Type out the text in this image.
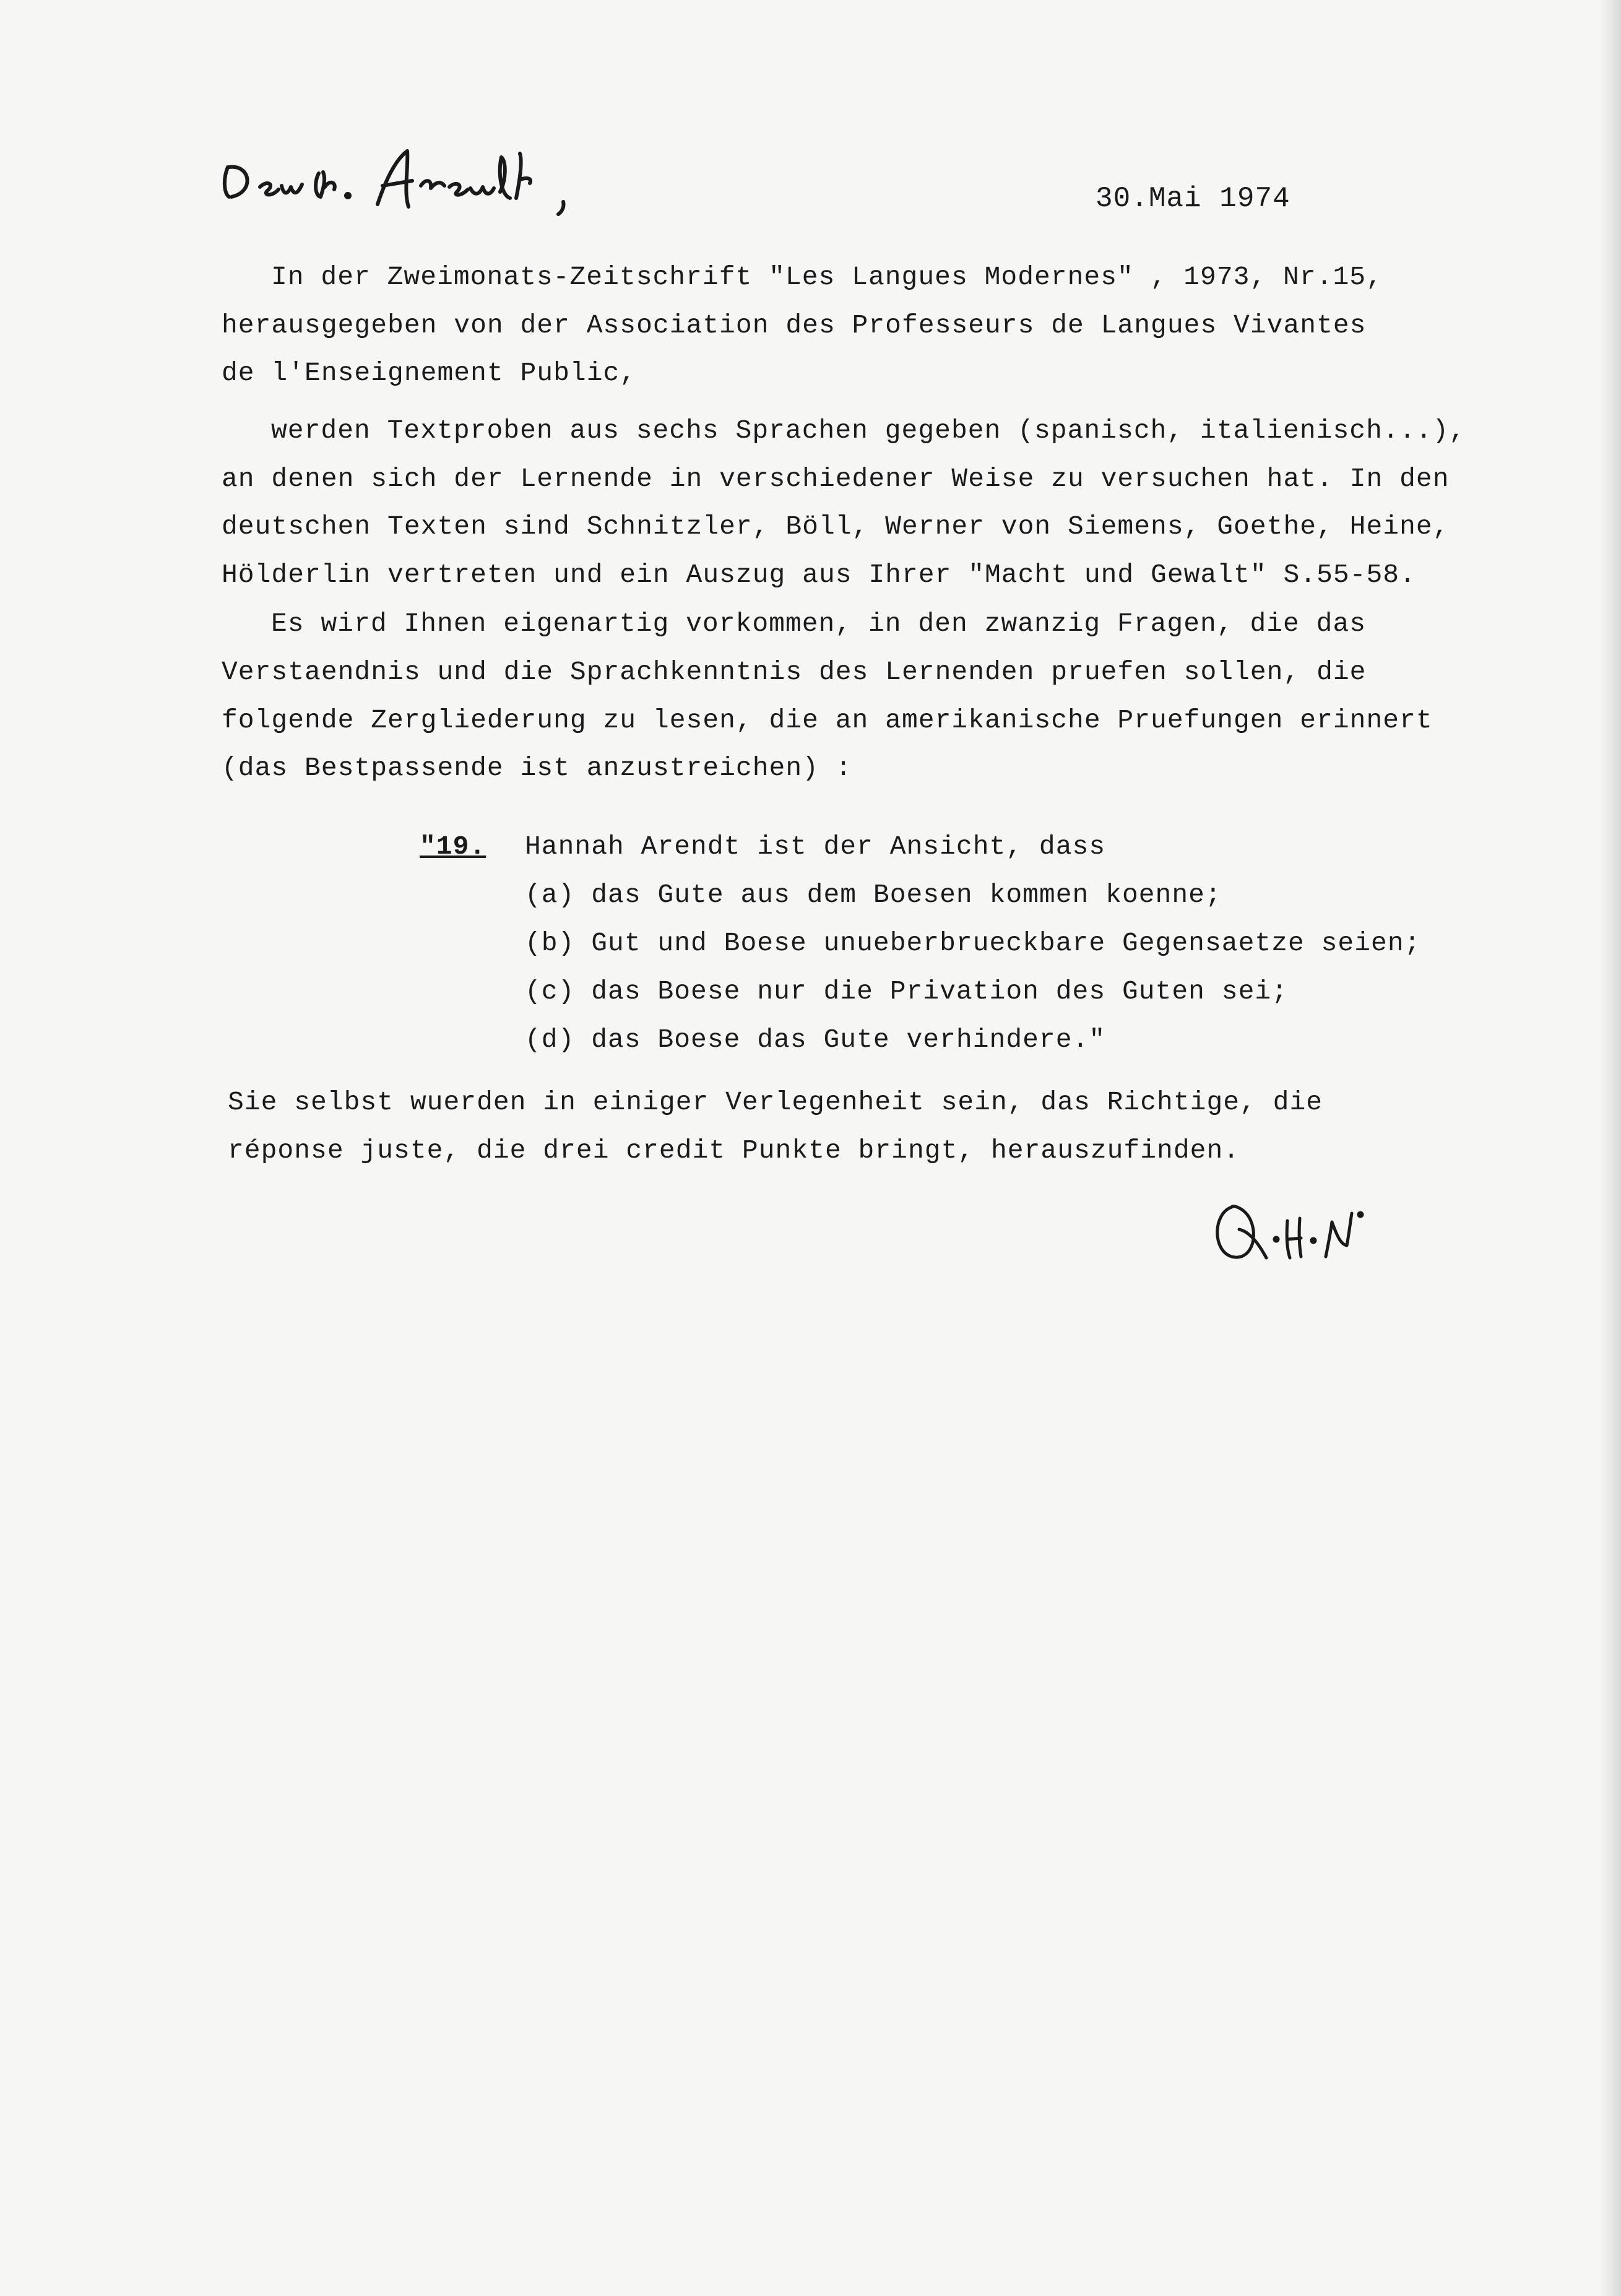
30.Mai 1974
In der Zweimonats-Zeitschrift "Les Langues Modernes" , 1973, Nr.15,
herausgegeben von der Association des Professeurs de Langues Vivantes
de l'Enseignement Public,
werden Textproben aus sechs Sprachen gegeben (spanisch, italienisch...),
an denen sich der Lernende in verschiedener Weise zu versuchen hat. In den
deutschen Texten sind Schnitzler, Böll, Werner von Siemens, Goethe, Heine,
Hölderlin vertreten und ein Auszug aus Ihrer "Macht und Gewalt" S.55-58.
Es wird Ihnen eigenartig vorkommen, in den zwanzig Fragen, die das
Verstaendnis und die Sprachkenntnis des Lernenden pruefen sollen, die
folgende Zergliederung zu lesen, die an amerikanische Pruefungen erinnert
(das Bestpassende ist anzustreichen) :
"19. Hannah Arendt ist der Ansicht, dass
(a) das Gute aus dem Boesen kommen koenne;
(b) Gut und Boese unueberbrueckbare Gegensaetze seien;
(c) das Boese nur die Privation des Guten sei;
(d) das Boese das Gute verhindere."
Sie selbst wuerden in einiger Verlegenheit sein, das Richtige, die
réponse juste, die drei credit Punkte bringt, herauszufinden.
